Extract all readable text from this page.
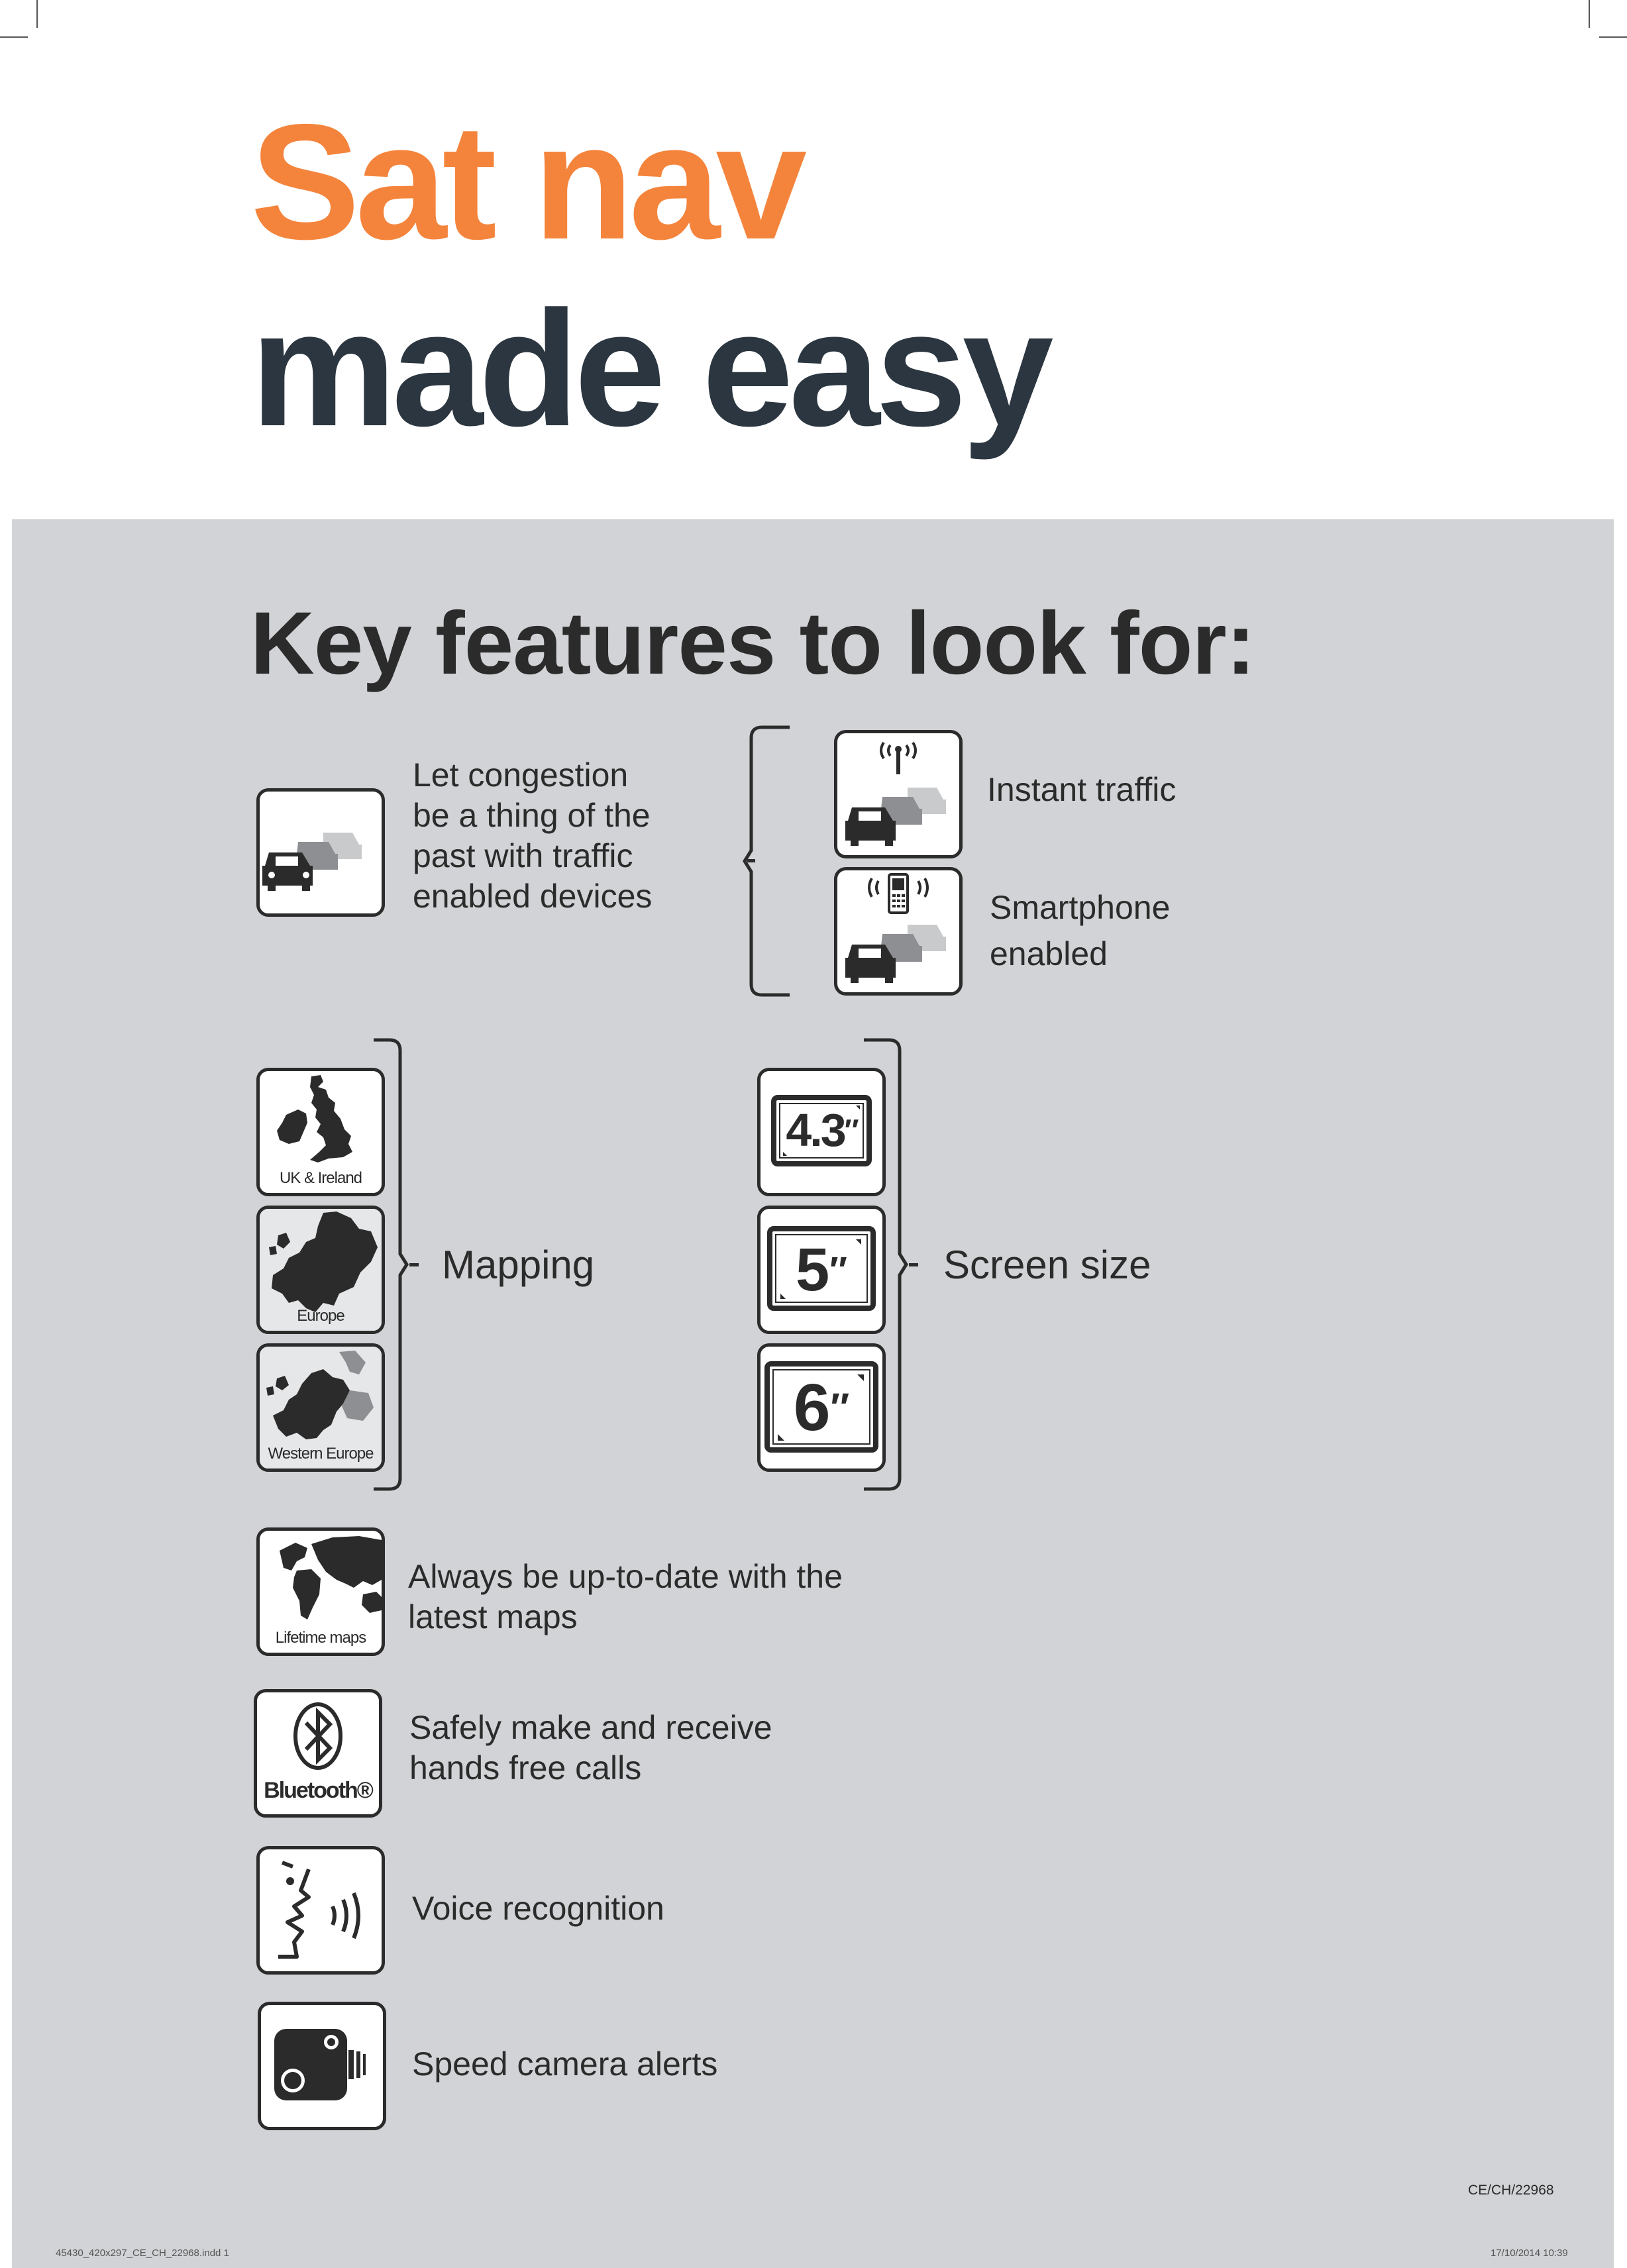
Sat nav
made easy
Key features to look for:
Let congestion
be a thing of the
past with traffic
enabled devices
Instant traffic
Smartphone
enabled
UK & Ireland
Europe
Western Europe
Mapping
4.3″
5″
6″
Screen size
Lifetime maps
Always be up-to-date with the
latest maps
Bluetooth®
Safely make and receive
hands free calls
Voice recognition
Speed camera alerts
CE/CH/22968
45430_420x297_CE_CH_22968.indd 1	17/10/2014 10:39
